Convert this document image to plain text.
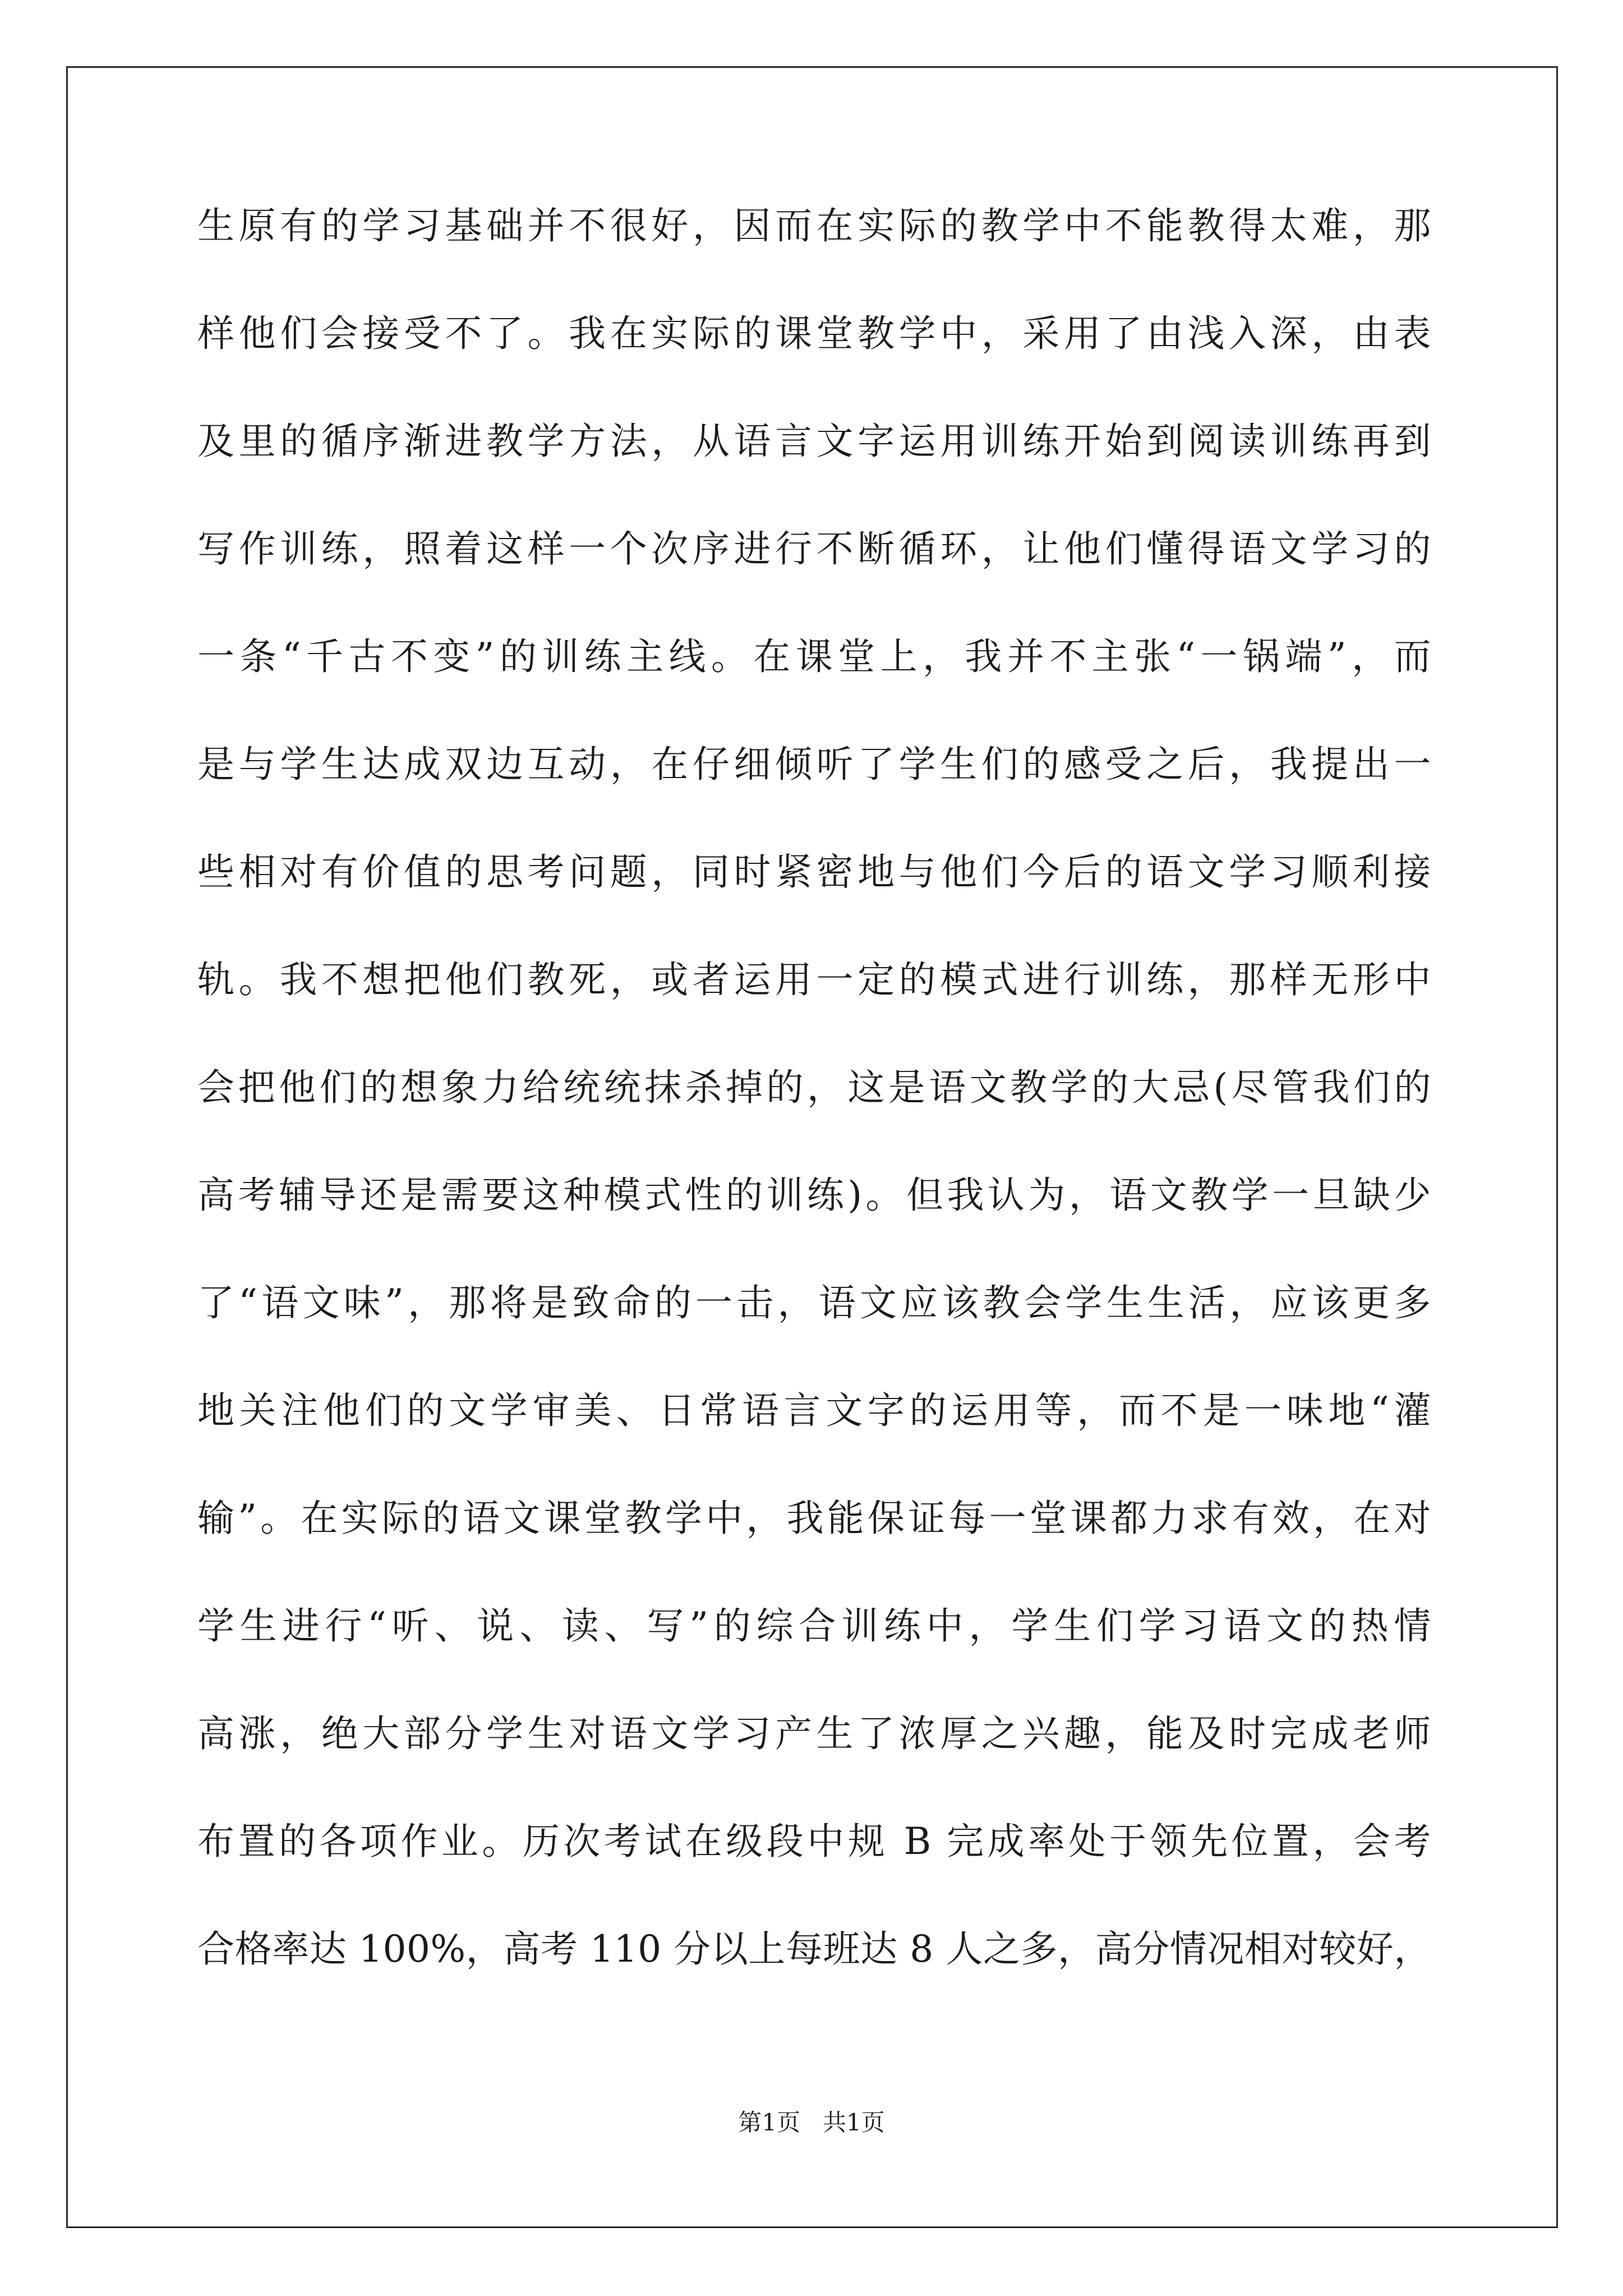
生原有的学习基础并不很好，因而在实际的教学中不能教得太难，那
样他们会接受不了。我在实际的课堂教学中，采用了由浅入深，由表
及里的循序渐进教学方法，从语言文字运用训练开始到阅读训练再到
写作训练，照着这样一个次序进行不断循环，让他们懂得语文学习的
一条“千古不变”的训练主线。在课堂上，我并不主张“一锅端”，而
是与学生达成双边互动，在仔细倾听了学生们的感受之后，我提出一
些相对有价值的思考问题，同时紧密地与他们今后的语文学习顺利接
轨。我不想把他们教死，或者运用一定的模式进行训练，那样无形中
会把他们的想象力给统统抹杀掉的，这是语文教学的大忌(尽管我们的
高考辅导还是需要这种模式性的训练)。但我认为，语文教学一旦缺少
了“语文味”，那将是致命的一击，语文应该教会学生生活，应该更多
地关注他们的文学审美、日常语言文字的运用等，而不是一味地“灌
输”。在实际的语文课堂教学中，我能保证每一堂课都力求有效，在对
学生进行“听、说、读、写”的综合训练中，学生们学习语文的热情
高涨，绝大部分学生对语文学习产生了浓厚之兴趣，能及时完成老师
布置的各项作业。历次考试在级段中规 B 完成率处于领先位置，会考
合格率达 100%，高考 110 分以上每班达 8 人之多，高分情况相对较好，
第1页   共1页
